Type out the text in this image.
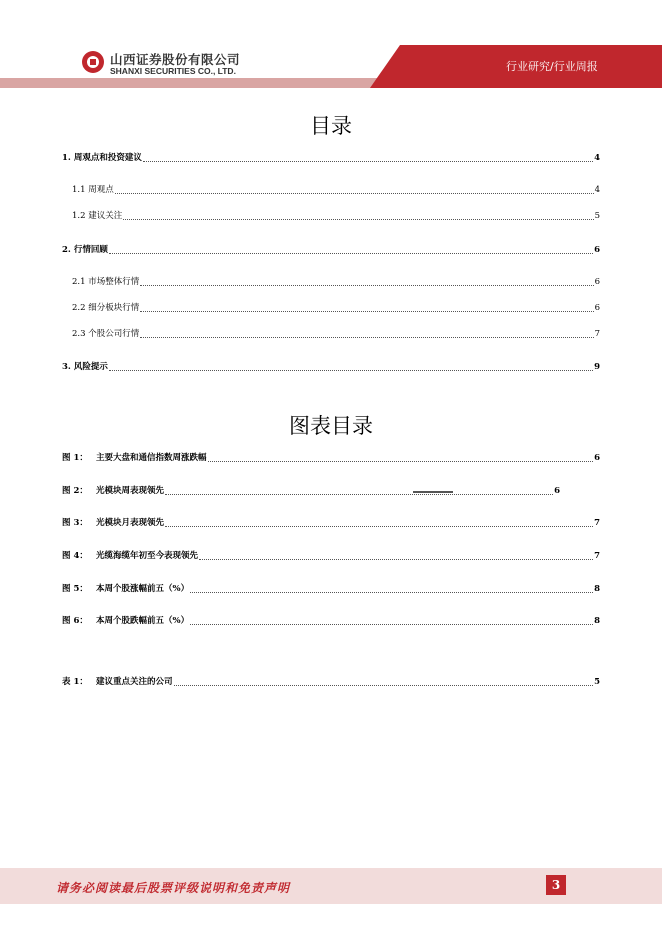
山西证券股份有限公司
SHANXI SECURITIES CO., LTD.	行业研究/行业周报
目录
1. 周观点和投资建议	4
1.1 周观点	4
1.2 建议关注	5
2. 行情回顾	6
2.1 市场整体行情	6
2.2 细分板块行情	6
2.3 个股公司行情	7
3. 风险提示	9
图表目录
图 1： 主要大盘和通信指数周涨跌幅	6
图 2： 光模块周表现领先	6
图 3： 光模块月表现领先	7
图 4： 光缆海缆年初至今表现领先	7
图 5： 本周个股涨幅前五（%）	8
图 6： 本周个股跌幅前五（%）	8
表 1： 建议重点关注的公司	5
请务必阅读最后股票评级说明和免责声明	3
